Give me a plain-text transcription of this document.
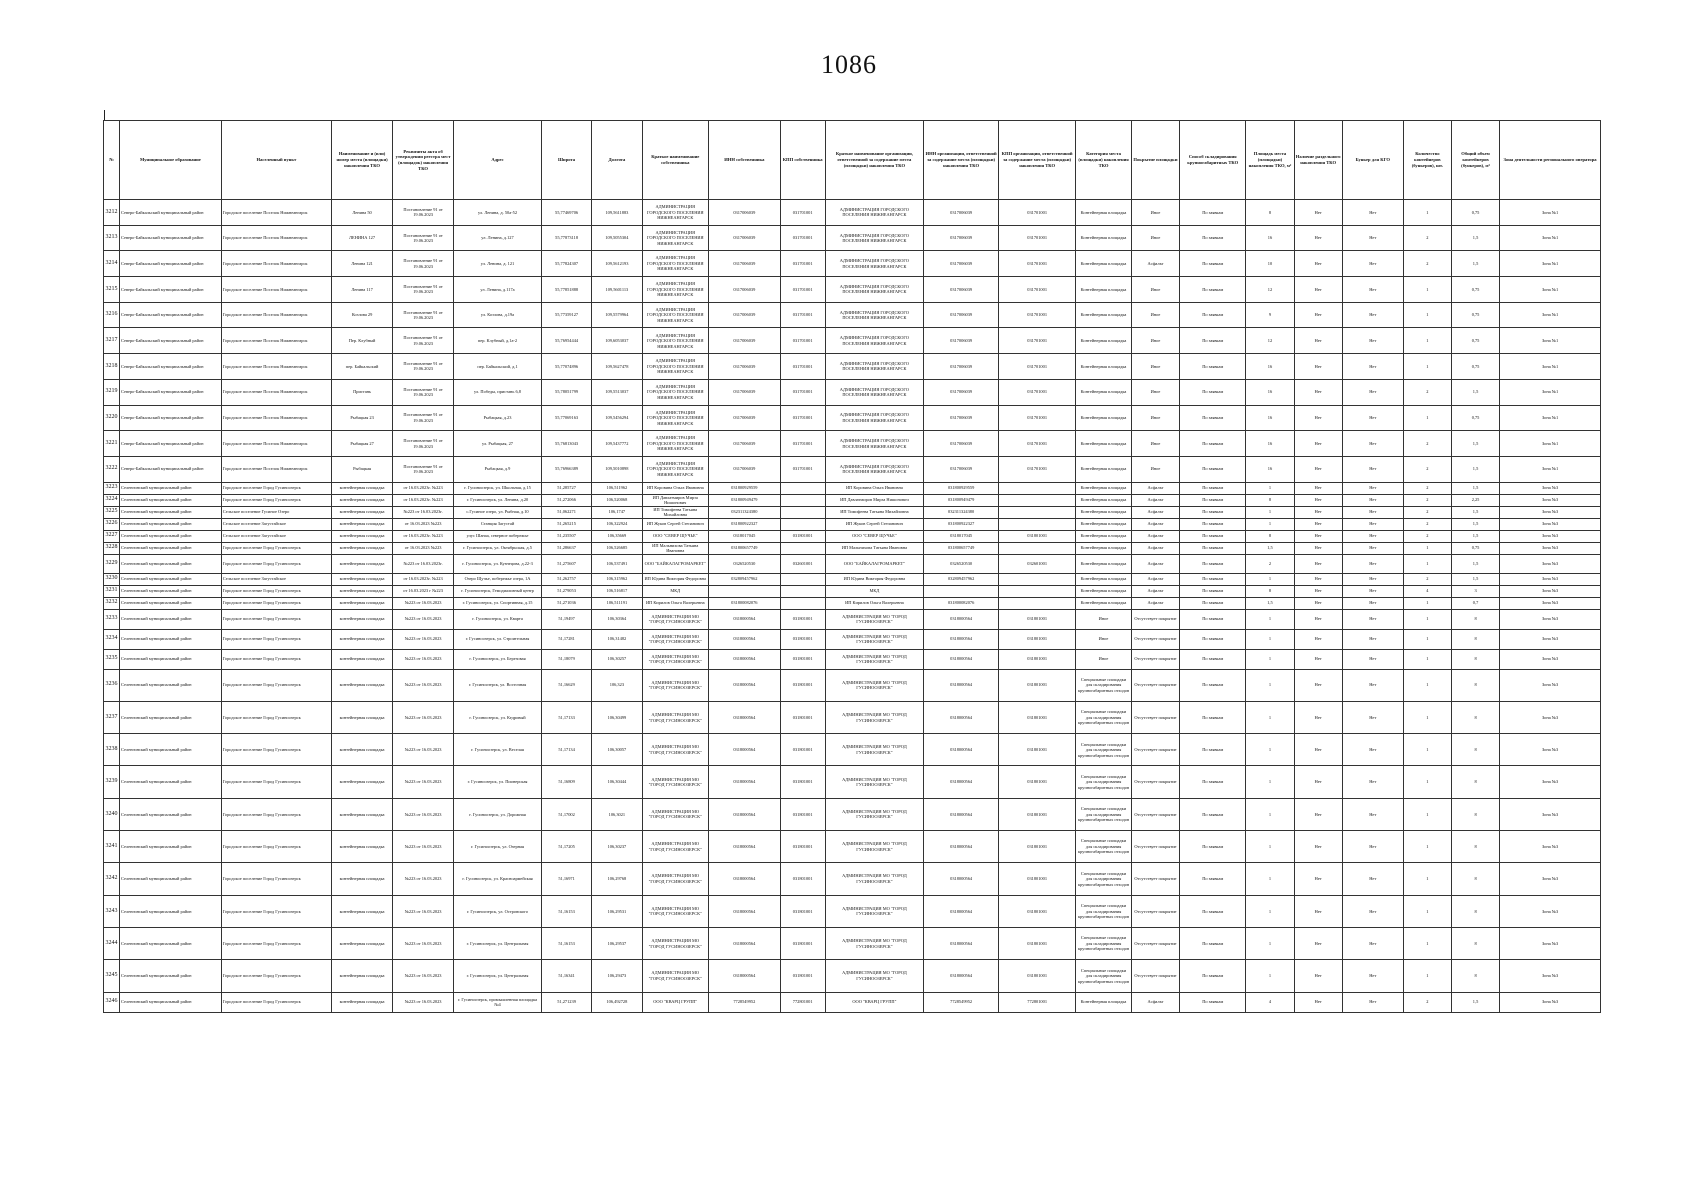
1086
№	Муниципальное образование	Населенный пункт	Наименование и (или) номер места (площадки) накопления ТКО	Реквизиты акта об утверждении реестра мест (площадок) накопления ТКО	Адрес	Широта	Долгота	Краткое наименование собственника	ИНН собственника	КПП собственника	Краткое наименование организации, ответственной за содержание места (площадки) накопления ТКО	ИНН организации, ответственной за содержание места (площадки) накопления ТКО	КПП организации, ответственной за содержание места (площадки) накопления ТКО	Категория места (площадки) накопления ТКО	Покрытие площадки	Способ складирования крупногабаритных ТКО	Площадь места (площадки) накопления ТКО, м²	Наличие раздельного накопления ТКО	Бункер для КГО	Количество контейнеров (бункеров), шт.	Общий объем контейнеров (бункеров), м³	Зона деятельности регионального оператора
3212	Северо-Байкальский муниципальный район	Городское поселение Поселок Нижнеангарск	Ленина 50	Постановление 91 от 19.06.2023	ул. Ленина, д. 50а-52	55,77469706	109,5611883	АДМИНИСТРАЦИЯ ГОРОДСКОГО ПОСЕЛЕНИЯ НИЖНЕАНГАРСК	0317006039	031701001	АДМИНИСТРАЦИЯ ГОРОДСКОГО ПОСЕЛЕНИЯ НИЖНЕАНГАРСК	0317006039	031701001	Контейнерная площадка	Иное	По заявкам	8	Нет	Нет	1	0,75	Зона №1
3213	Северо-Байкальский муниципальный район	Городское поселение Поселок Нижнеангарск	ЛЕНИНА 127	Постановление 91 от 19.06.2023	ул. Ленина, д.127	55,77873118	109,5055304	АДМИНИСТРАЦИЯ ГОРОДСКОГО ПОСЕЛЕНИЯ НИЖНЕАНГАРСК	0317006039	031701001	АДМИНИСТРАЦИЯ ГОРОДСКОГО ПОСЕЛЕНИЯ НИЖНЕАНГАРСК	0317006039	031701001	Контейнерная площадка	Иное	По заявкам	16	Нет	Нет	2	1,5	Зона №1
3214	Северо-Байкальский муниципальный район	Городское поселение Поселок Нижнеангарск	Ленина 121	Постановление 91 от 19.06.2023	ул. Ленина, д. 121	55,77824307	109,5612193	АДМИНИСТРАЦИЯ ГОРОДСКОГО ПОСЕЛЕНИЯ НИЖНЕАНГАРСК	0317006039	031701001	АДМИНИСТРАЦИЯ ГОРОДСКОГО ПОСЕЛЕНИЯ НИЖНЕАНГАРСК	0317006039	031701001	Контейнерная площадка	Асфальт	По заявкам	10	Нет	Нет	2	1,5	Зона №1
3215	Северо-Байкальский муниципальный район	Городское поселение Поселок Нижнеангарск	Ленина 117	Постановление 91 от 19.06.2023	ул. Ленина, д.117а	55,77851888	109,5601113	АДМИНИСТРАЦИЯ ГОРОДСКОГО ПОСЕЛЕНИЯ НИЖНЕАНГАРСК	0317006039	031701001	АДМИНИСТРАЦИЯ ГОРОДСКОГО ПОСЕЛЕНИЯ НИЖНЕАНГАРСК	0317006039	031701001	Контейнерная площадка	Иное	По заявкам	12	Нет	Нет	1	0,75	Зона №1
3216	Северо-Байкальский муниципальный район	Городское поселение Поселок Нижнеангарск	Козлова 29	Постановление 91 от 19.06.2023	ул. Козлова, д.19а	55,77359127	109,5579964	АДМИНИСТРАЦИЯ ГОРОДСКОГО ПОСЕЛЕНИЯ НИЖНЕАНГАРСК	0317006039	031701001	АДМИНИСТРАЦИЯ ГОРОДСКОГО ПОСЕЛЕНИЯ НИЖНЕАНГАРСК	0317006039	031701001	Контейнерная площадка	Иное	По заявкам	9	Нет	Нет	1	0,75	Зона №1
3217	Северо-Байкальский муниципальный район	Городское поселение Поселок Нижнеангарск	Пер. Клубный	Постановление 91 от 19.06.2023	пер. Клубный, д.1а-2	55,76954444	109,6053037	АДМИНИСТРАЦИЯ ГОРОДСКОГО ПОСЕЛЕНИЯ НИЖНЕАНГАРСК	0317006039	031701001	АДМИНИСТРАЦИЯ ГОРОДСКОГО ПОСЕЛЕНИЯ НИЖНЕАНГАРСК	0317006039	031701001	Контейнерная площадка	Иное	По заявкам	12	Нет	Нет	1	0,75	Зона №1
3218	Северо-Байкальский муниципальный район	Городское поселение Поселок Нижнеангарск	пер. Байкальский	Постановление 91 от 19.06.2023	пер. Байкальский, д.1	55,77074896	109,5627478	АДМИНИСТРАЦИЯ ГОРОДСКОГО ПОСЕЛЕНИЯ НИЖНЕАНГАРСК	0317006039	031701001	АДМИНИСТРАЦИЯ ГОРОДСКОГО ПОСЕЛЕНИЯ НИЖНЕАНГАРСК	0317006039	031701001	Контейнерная площадка	Иное	По заявкам	16	Нет	Нет	1	0,75	Зона №1
3219	Северо-Байкальский муниципальный район	Городское поселение Поселок Нижнеангарск	Пристань	Постановление 91 от 19.06.2023	ул. Победы, пристань 6,8	55,78051799	109,5513037	АДМИНИСТРАЦИЯ ГОРОДСКОГО ПОСЕЛЕНИЯ НИЖНЕАНГАРСК	0317006039	031701001	АДМИНИСТРАЦИЯ ГОРОДСКОГО ПОСЕЛЕНИЯ НИЖНЕАНГАРСК	0317006039	031701001	Контейнерная площадка	Иное	По заявкам	16	Нет	Нет	2	1,5	Зона №1
3220	Северо-Байкальский муниципальный район	Городское поселение Поселок Нижнеангарск	Рыбацкая 23	Постановление 91 от 19.06.2023	Рыбацкая, д.23	55,77069163	109,5456294	АДМИНИСТРАЦИЯ ГОРОДСКОГО ПОСЕЛЕНИЯ НИЖНЕАНГАРСК	0317006039	031701001	АДМИНИСТРАЦИЯ ГОРОДСКОГО ПОСЕЛЕНИЯ НИЖНЕАНГАРСК	0317006039	031701001	Контейнерная площадка	Иное	По заявкам	16	Нет	Нет	1	0,75	Зона №1
3221	Северо-Байкальский муниципальный район	Городское поселение Поселок Нижнеангарск	Рыбацкая 27	Постановление 91 от 19.06.2023	ул. Рыбацкая, 27	55,76813043	109,5437772	АДМИНИСТРАЦИЯ ГОРОДСКОГО ПОСЕЛЕНИЯ НИЖНЕАНГАРСК	0317006039	031701001	АДМИНИСТРАЦИЯ ГОРОДСКОГО ПОСЕЛЕНИЯ НИЖНЕАНГАРСК	0317006039	031701001	Контейнерная площадка	Иное	По заявкам	16	Нет	Нет	2	1,5	Зона №1
3222	Северо-Байкальский муниципальный район	Городское поселение Поселок Нижнеангарск	Рыбацкая	Постановление 91 от 19.06.2023	Рыбацкая, д.9	55,76966389	109,5010898	АДМИНИСТРАЦИЯ ГОРОДСКОГО ПОСЕЛЕНИЯ НИЖНЕАНГАРСК	0317006039	031701001	АДМИНИСТРАЦИЯ ГОРОДСКОГО ПОСЕЛЕНИЯ НИЖНЕАНГАРСК	0317006039	031701001	Контейнерная площадка	Иное	По заявкам	16	Нет	Нет	2	1,5	Зона №1
3223	Селенгинский муниципальный район	Городское поселение Город Гусиноозерск	контейнерная площадка	от 16.03.2023г. №223	г. Гусиноозерск, ул. Школьная, д.15	51,285727	106,511962	ИП Коровина Ольга Ивановна	031800929559		ИП Коровина Ольга Ивановна	031800929559		Контейнерная площадка	Асфальт	По заявкам	1	Нет	Нет	2	1,5	Зона №3
3224	Селенгинский муниципальный район	Городское поселение Город Гусиноозерск	контейнерная площадка	от 16.03.2023г. №223	г. Гусиноозерск, ул. Ленина, д.20	51,272066	106,520068	ИП Давлатмиров Мирза Нишонович	031800949479		ИП Давлатмиров Мирза Нишонович	031800949479		Контейнерная площадка	Асфальт	По заявкам	8	Нет	Нет	2	2,25	Зона №3
3225	Селенгинский муниципальный район	Сельское поселение Гусиное Озеро	контейнерная площадка	№223 от 16.03.2023г.	с.Гусиное озеро, ул. Рыбная, д.10	51,062271	106,1747	ИП Тимофеева Татьяна Михайловна	032311324380		ИП Тимофеева Татьяна Михайловна	032311324380		Контейнерная площадка	Асфальт	По заявкам	1	Нет	Нет	2	1,5	Зона №3
3226	Селенгинский муниципальный район	Сельское поселение Загустайское	контейнерная площадка	от 16.03.2023 №223	Станция Загустай	51,265215	106,322924	ИП Жуков Сергей Степанович	031800922327		ИП Жуков Сергей Степанович	031800922327		Контейнерная площадка	Асфальт	По заявкам	1	Нет	Нет	2	1,5	Зона №3
3227	Селенгинский муниципальный район	Сельское поселение Загустайское	контейнерная площадка	от 16.03.2023г. №223	улус Шанаа, северное побережье	51,235507	106,35669	ООО "СЕВЕР ЩУЧЬЕ"	0318017045	031801001	ООО "СЕВЕР ЩУЧЬЕ"	0318017045	031801001	Контейнерная площадка	Асфальт	По заявкам	8	Нет	Нет	2	1,5	Зона №3
3228	Селенгинский муниципальный район	Городское поселение Город Гусиноозерск	контейнерная площадка	от 16.03.2023 №223	г. Гусиноозерск, ул. Октябрьская, д.5	51,286637	106,526685	ИП Мальнихова Татьяна Ивановна	031800657749		ИП Мальнихова Татьяна Ивановна	031800657749		Контейнерная площадка	Асфальт	По заявкам	1,5	Нет	Нет	1	0,75	Зона №3
3229	Селенгинский муниципальный район	Городское поселение Город Гусиноозерск	контейнерная площадка	№223 от 16.03.2023г.	г. Гусиноозерск, ул. Кузнецова, д.22-3	51,275607	106,537491	ООО "БАЙКАЛАГРОМАРКЕТ"	0326520530	032601001	ООО "БАЙКАЛАГРОМАРКЕТ"	0326520530	032601001	Контейнерная площадка	Асфальт	По заявкам	2	Нет	Нет	1	1,5	Зона №3
3230	Селенгинский муниципальный район	Сельское поселение Загустайское	контейнерная площадка	от 16.03.2023г. №223	Озеро Щучье, побережье озера, 1А	51,262757	106,315962	ИП Юдина Виктория Федоровна	032809457962		ИП Юдина Виктория Федоровна	032809457962		Контейнерная площадка	Асфальт	По заявкам	1	Нет	Нет	2	1,5	Зона №3
3231	Селенгинский муниципальный район	Городское поселение Город Гусиноозерск	контейнерная площадка	от 16.03.2023 г №223	г. Гусиноозерск, Гемодиализный центр	51,279053	106,516817	МКД			МКД			Контейнерная площадка	Асфальт	По заявкам	8	Нет	Нет	4	3	Зона №3
3232	Селенгинский муниципальный район	Городское поселение Город Гусиноозерск	контейнерная площадка	№223 от 16.03.2023	г. Гусиноозерск, ул. Спортивная, д.15	51,271036	106,511191	ИП Кирилов Ольга Валерьевна	031800082076		ИП Кирилов Ольга Валерьевна	031800082076		Контейнерная площадка	Асфальт	По заявкам	1,5	Нет	Нет	1	0,7	Зона №3
3233	Селенгинский муниципальный район	Городское поселение Город Гусиноозерск	контейнерная площадка	№223 от 16.03.2023	г. Гусиноозерск, ул. Кварта	51,19497	106,30364	АДМИНИСТРАЦИЯ МО "ГОРОД ГУСИНООЗЕРСК"	0318000564	031801001	АДМИНИСТРАЦИЯ МО "ГОРОД ГУСИНООЗЕРСК"	0318000564	031801001	Иное	Отсутствует покрытие	По заявкам	1	Нет	Нет	1	8	Зона №3
3234	Селенгинский муниципальный район	Городское поселение Город Гусиноозерск	контейнерная площадка	№223 от 16.03.2023	г. Гусиноозерск, ул. Строительная	51,17281	106,31482	АДМИНИСТРАЦИЯ МО "ГОРОД ГУСИНООЗЕРСК"	0318000564	031801001	АДМИНИСТРАЦИЯ МО "ГОРОД ГУСИНООЗЕРСК"	0318000564	031801001	Иное	Отсутствует покрытие	По заявкам	1	Нет	Нет	1	8	Зона №3
3235	Селенгинский муниципальный район	Городское поселение Город Гусиноозерск	контейнерная площадка	№223 от 16.03.2023	г. Гусиноозерск, ул. Березовая	51,18079	106,30257	АДМИНИСТРАЦИЯ МО "ГОРОД ГУСИНООЗЕРСК"	0318000564	031801001	АДМИНИСТРАЦИЯ МО "ГОРОД ГУСИНООЗЕРСК"	0318000564	031801001	Иное	Отсутствует покрытие	По заявкам	1	Нет	Нет	1	8	Зона №3
3236	Селенгинский муниципальный район	Городское поселение Город Гусиноозерск	контейнерная площадка	№223 от 16.03.2023	г. Гусиноозерск, ул. Восточная	51,16629	106,323	АДМИНИСТРАЦИЯ МО "ГОРОД ГУСИНООЗЕРСК"	0318000564	031801001	АДМИНИСТРАЦИЯ МО "ГОРОД ГУСИНООЗЕРСК"	0318000564	031801001	Специальные площадки для складирования крупногабаритных отходов	Отсутствует покрытие	По заявкам	1	Нет	Нет	1	8	Зона №3
3237	Селенгинский муниципальный район	Городское поселение Город Гусиноозерск	контейнерная площадка	№223 от 16.03.2023	г. Гусиноозерск, ул. Кедровый	51,17133	106,30499	АДМИНИСТРАЦИЯ МО "ГОРОД ГУСИНООЗЕРСК"	0318000564	031801001	АДМИНИСТРАЦИЯ МО "ГОРОД ГУСИНООЗЕРСК"	0318000564	031801001	Специальные площадки для складирования крупногабаритных отходов	Отсутствует покрытие	По заявкам	1	Нет	Нет	1	8	Зона №3
3238	Селенгинский муниципальный район	Городское поселение Город Гусиноозерск	контейнерная площадка	№223 от 16.03.2023	г. Гусиноозерск, ул. Веселая	51,17134	106,30057	АДМИНИСТРАЦИЯ МО "ГОРОД ГУСИНООЗЕРСК"	0318000564	031801001	АДМИНИСТРАЦИЯ МО "ГОРОД ГУСИНООЗЕРСК"	0318000564	031801001	Специальные площадки для складирования крупногабаритных отходов	Отсутствует покрытие	По заявкам	1	Нет	Нет	1	8	Зона №3
3239	Селенгинский муниципальный район	Городское поселение Город Гусиноозерск	контейнерная площадка	№223 от 16.03.2023	г. Гусиноозерск, ул. Пионерская	51,16809	106,30444	АДМИНИСТРАЦИЯ МО "ГОРОД ГУСИНООЗЕРСК"	0318000564	031801001	АДМИНИСТРАЦИЯ МО "ГОРОД ГУСИНООЗЕРСК"	0318000564	031801001	Специальные площадки для складирования крупногабаритных отходов	Отсутствует покрытие	По заявкам	1	Нет	Нет	1	8	Зона №3
3240	Селенгинский муниципальный район	Городское поселение Город Гусиноозерск	контейнерная площадка	№223 от 16.03.2023	г. Гусиноозерск, ул. Дорожная	51,17002	106,3021	АДМИНИСТРАЦИЯ МО "ГОРОД ГУСИНООЗЕРСК"	0318000564	031801001	АДМИНИСТРАЦИЯ МО "ГОРОД ГУСИНООЗЕРСК"	0318000564	031801001	Специальные площадки для складирования крупногабаритных отходов	Отсутствует покрытие	По заявкам	1	Нет	Нет	1	8	Зона №3
3241	Селенгинский муниципальный район	Городское поселение Город Гусиноозерск	контейнерная площадка	№223 от 16.03.2023	г. Гусиноозерск, ул. Озерная	51,17205	106,30237	АДМИНИСТРАЦИЯ МО "ГОРОД ГУСИНООЗЕРСК"	0318000564	031801001	АДМИНИСТРАЦИЯ МО "ГОРОД ГУСИНООЗЕРСК"	0318000564	031801001	Специальные площадки для складирования крупногабаритных отходов	Отсутствует покрытие	По заявкам	1	Нет	Нет	1	8	Зона №3
3242	Селенгинский муниципальный район	Городское поселение Город Гусиноозерск	контейнерная площадка	№223 от 16.03.2023	г. Гусиноозерск, ул. Красноармейская	51,16971	106,29768	АДМИНИСТРАЦИЯ МО "ГОРОД ГУСИНООЗЕРСК"	0318000564	031801001	АДМИНИСТРАЦИЯ МО "ГОРОД ГУСИНООЗЕРСК"	0318000564	031801001	Специальные площадки для складирования крупногабаритных отходов	Отсутствует покрытие	По заявкам	1	Нет	Нет	1	8	Зона №3
3243	Селенгинский муниципальный район	Городское поселение Город Гусиноозерск	контейнерная площадка	№223 от 16.03.2023	г. Гусиноозерск, ул. Островского	51,16153	106,29531	АДМИНИСТРАЦИЯ МО "ГОРОД ГУСИНООЗЕРСК"	0318000564	031801001	АДМИНИСТРАЦИЯ МО "ГОРОД ГУСИНООЗЕРСК"	0318000564	031801001	Специальные площадки для складирования крупногабаритных отходов	Отсутствует покрытие	По заявкам	1	Нет	Нет	1	8	Зона №3
3244	Селенгинский муниципальный район	Городское поселение Город Гусиноозерск	контейнерная площадка	№223 от 16.03.2023	г. Гусиноозерск, ул. Центральная	51,16153	106,29537	АДМИНИСТРАЦИЯ МО "ГОРОД ГУСИНООЗЕРСК"	0318000564	031801001	АДМИНИСТРАЦИЯ МО "ГОРОД ГУСИНООЗЕРСК"	0318000564	031801001	Специальные площадки для складирования крупногабаритных отходов	Отсутствует покрытие	По заявкам	1	Нет	Нет	1	8	Зона №3
3245	Селенгинский муниципальный район	Городское поселение Город Гусиноозерск	контейнерная площадка	№223 от 16.03.2023	г. Гусиноозерск, ул. Центральная	51,16341	106,29473	АДМИНИСТРАЦИЯ МО "ГОРОД ГУСИНООЗЕРСК"	0318000564	031801001	АДМИНИСТРАЦИЯ МО "ГОРОД ГУСИНООЗЕРСК"	0318000564	031801001	Специальные площадки для складирования крупногабаритных отходов	Отсутствует покрытие	По заявкам	1	Нет	Нет	1	8	Зона №3
3246	Селенгинский муниципальный район	Городское поселение Город Гусиноозерск	контейнерная площадка	№223 от 16.03.2023	г. Гусиноозерск, промышленная площадка №4	51,271239	106,492728	ООО "КВАРЦ ГРУПП"	7728549952	772801001	ООО "КВАРЦ ГРУПП"	7728549952	772801001	Контейнерная площадка	Асфальт	По заявкам	4	Нет	Нет	2	1,5	Зона №3
